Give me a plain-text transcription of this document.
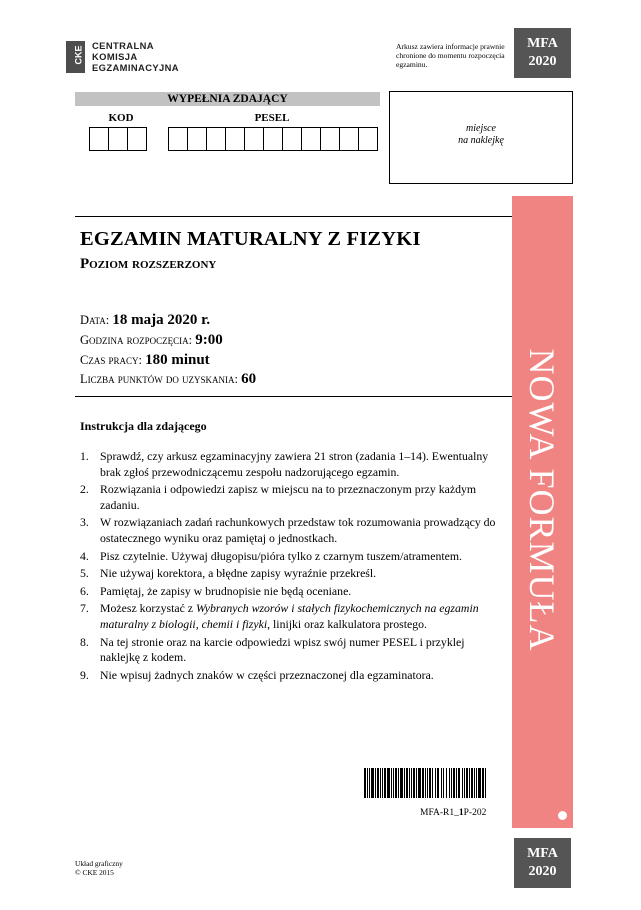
CKE CENTRALNA
KOMISJA
EGZAMINACYJNA
Arkusz zawiera informacje prawnie chronione do momentu rozpoczęcia egzaminu.
MFA
2020
WYPEŁNIA ZDAJĄCY
KOD	PESEL
miejsce
na naklejkę
NOWA FORMUŁA
EGZAMIN MATURALNY Z FIZYKI
Poziom rozszerzony
Data: 18 maja 2020 r.
Godzina rozpoczęcia: 9:00
Czas pracy: 180 minut
Liczba punktów do uzyskania: 60
Instrukcja dla zdającego
1. Sprawdź, czy arkusz egzaminacyjny zawiera 21 stron (zadania 1–14). Ewentualny brak zgłoś przewodniczącemu zespołu nadzorującego egzamin.
2. Rozwiązania i odpowiedzi zapisz w miejscu na to przeznaczonym przy każdym zadaniu.
3. W rozwiązaniach zadań rachunkowych przedstaw tok rozumowania prowadzący do ostatecznego wyniku oraz pamiętaj o jednostkach.
4. Pisz czytelnie. Używaj długopisu/pióra tylko z czarnym tuszem/atramentem.
5. Nie używaj korektora, a błędne zapisy wyraźnie przekreśl.
6. Pamiętaj, że zapisy w brudnopisie nie będą oceniane.
7. Możesz korzystać z Wybranych wzorów i stałych fizykochemicznych na egzamin maturalny z biologii, chemii i fizyki, linijki oraz kalkulatora prostego.
8. Na tej stronie oraz na karcie odpowiedzi wpisz swój numer PESEL i przyklej naklejkę z kodem.
9. Nie wpisuj żadnych znaków w części przeznaczonej dla egzaminatora.
MFA-R1_1P-202
Układ graficzny
© CKE 2015
MFA
2020
